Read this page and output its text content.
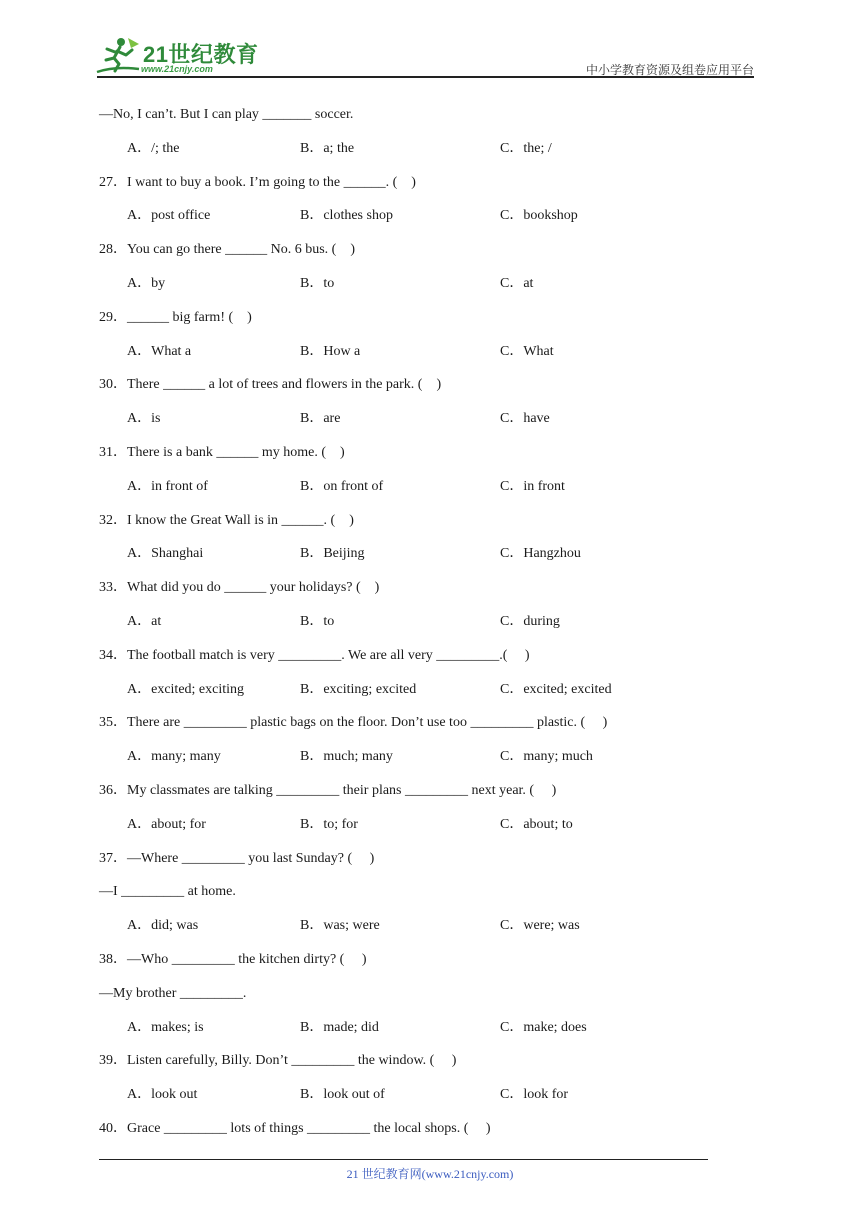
21世纪教育
www.21cnjy.com	中小学教育资源及组卷应用平台
—No, I can’t. But I can play _______ soccer.
A．/; the	B．a; the	C．the; /
27．I want to buy a book. I’m going to the ______. (    )
A．post office	B．clothes shop	C．bookshop
28．You can go there ______ No. 6 bus. (    )
A．by	B．to	C．at
29．______ big farm! (    )
A．What a	B．How a	C．What
30．There ______ a lot of trees and flowers in the park. (    )
A．is	B．are	C．have
31．There is a bank ______ my home. (    )
A．in front of	B．on front of	C．in front
32．I know the Great Wall is in ______. (    )
A．Shanghai	B．Beijing	C．Hangzhou
33．What did you do ______ your holidays? (    )
A．at	B．to	C．during
34．The football match is very _________. We are all very _________.(     )
A．excited; exciting	B．exciting; excited	C．excited; excited
35．There are _________ plastic bags on the floor. Don’t use too _________ plastic. (     )
A．many; many	B．much; many	C．many; much
36．My classmates are talking _________ their plans _________ next year. (     )
A．about; for	B．to; for	C．about; to
37．—Where _________ you last Sunday? (     )
—I _________ at home.
A．did; was	B．was; were	C．were; was
38．—Who _________ the kitchen dirty? (     )
—My brother _________.
A．makes; is	B．made; did	C．make; does
39．Listen carefully, Billy. Don’t _________ the window. (     )
A．look out	B．look out of	C．look for
40．Grace _________ lots of things _________ the local shops. (     )
21 世纪教育网(www.21cnjy.com)
